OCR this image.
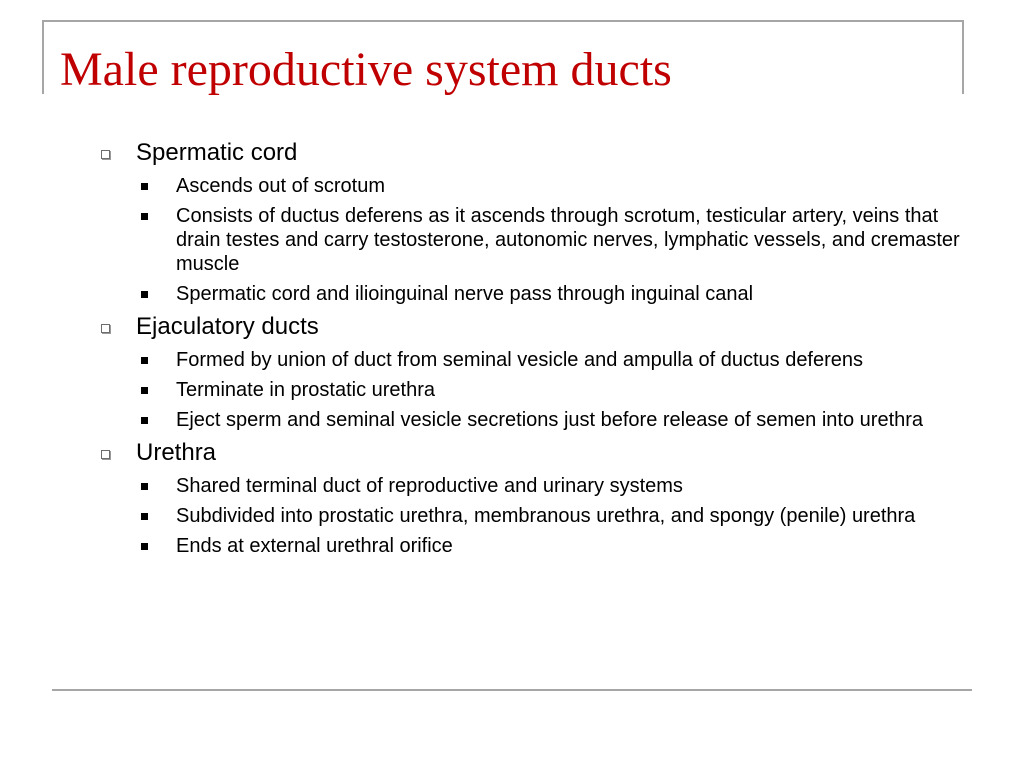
Male reproductive system ducts
Spermatic cord
Ascends out of scrotum
Consists of ductus deferens as it ascends through scrotum, testicular artery, veins that drain testes and carry testosterone, autonomic nerves, lymphatic vessels, and cremaster muscle
Spermatic cord and ilioinguinal nerve pass through inguinal canal
Ejaculatory ducts
Formed by union of duct from seminal vesicle and ampulla of ductus deferens
Terminate in prostatic urethra
Eject sperm and seminal vesicle secretions just before release of semen into urethra
Urethra
Shared terminal duct of reproductive and urinary systems
Subdivided into prostatic urethra, membranous urethra, and spongy (penile) urethra
Ends at external urethral orifice
